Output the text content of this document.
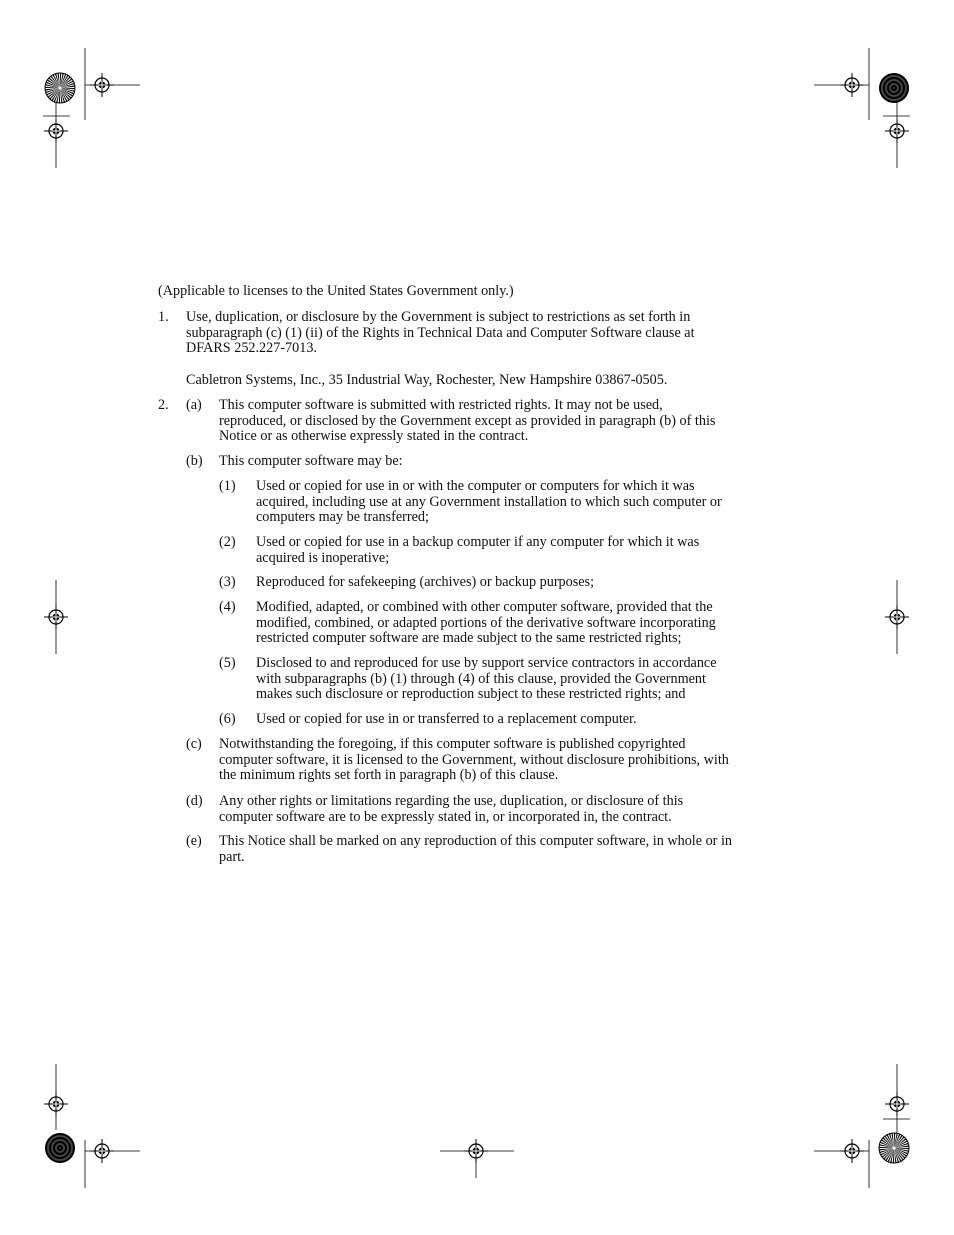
(Applicable to licenses to the United States Government only.)
1. Use, duplication, or disclosure by the Government is subject to restrictions as set forth in
subparagraph (c) (1) (ii) of the Rights in Technical Data and Computer Software clause at
DFARS 252.227-7013.
Cabletron Systems, Inc., 35 Industrial Way, Rochester, New Hampshire 03867-0505.
2. (a) This computer software is submitted with restricted rights. It may not be used,
reproduced, or disclosed by the Government except as provided in paragraph (b) of this
Notice or as otherwise expressly stated in the contract.
(b) This computer software may be:
(1) Used or copied for use in or with the computer or computers for which it was
acquired, including use at any Government installation to which such computer or
computers may be transferred;
(2) Used or copied for use in a backup computer if any computer for which it was
acquired is inoperative;
(3) Reproduced for safekeeping (archives) or backup purposes;
(4) Modified, adapted, or combined with other computer software, provided that the
modified, combined, or adapted portions of the derivative software incorporating
restricted computer software are made subject to the same restricted rights;
(5) Disclosed to and reproduced for use by support service contractors in accordance
with subparagraphs (b) (1) through (4) of this clause, provided the Government
makes such disclosure or reproduction subject to these restricted rights; and
(6) Used or copied for use in or transferred to a replacement computer.
(c) Notwithstanding the foregoing, if this computer software is published copyrighted
computer software, it is licensed to the Government, without disclosure prohibitions, with
the minimum rights set forth in paragraph (b) of this clause.
(d) Any other rights or limitations regarding the use, duplication, or disclosure of this
computer software are to be expressly stated in, or incorporated in, the contract.
(e) This Notice shall be marked on any reproduction of this computer software, in whole or in
part.
